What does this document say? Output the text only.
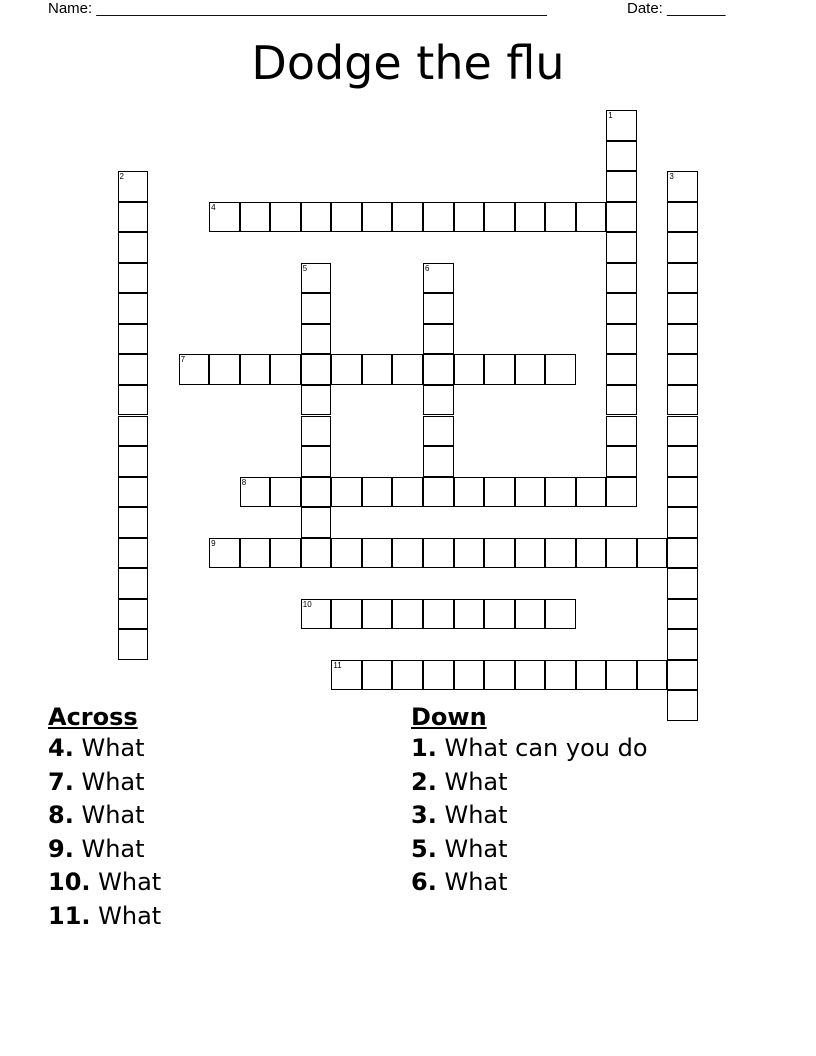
Name: ______________________________________________________	Date: _______
Dodge the flu
1
2	3
4
5	6
7
8
9
10
11
Across
4. What
7. What
8. What
9. What
10. What
11. What
Down
1. What can you do
2. What
3. What
5. What
6. What
